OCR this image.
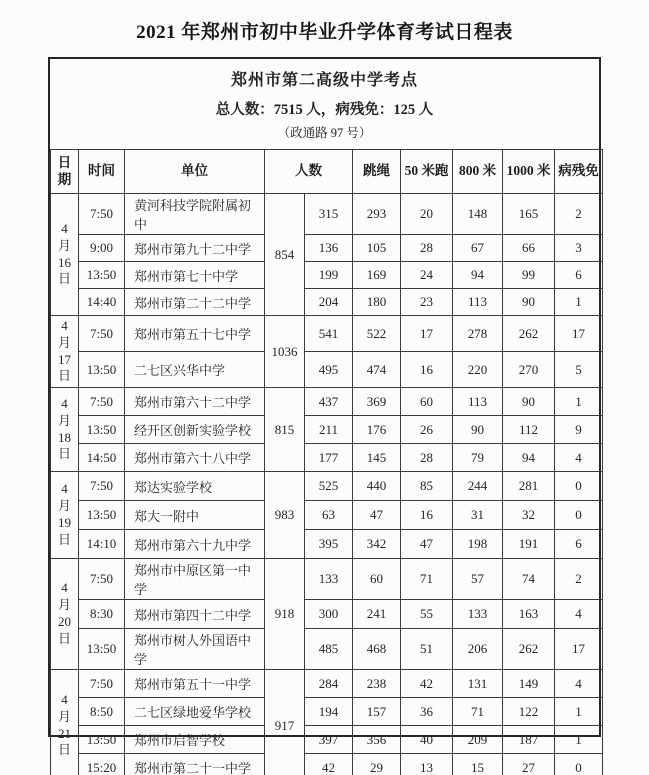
2021 年郑州市初中毕业升学体育考试日程表
郑州市第二高级中学考点
总人数：7515 人，病残免：125 人
（政通路 97 号）
日
期	时间	单位	人数		跳绳	50 米跑	800 米	1000 米	病残免

4
月
16
日	7:50	黄河科技学院附属初中	854	315	293	20	148	165	2
	9:00	郑州市第九十二中学		136	105	28	67	66	3
	13:50	郑州市第七十中学		199	169	24	94	99	6
	14:40	郑州市第二十二中学		204	180	23	113	90	1

4
月
17
日	7:50	郑州市第五十七中学	1036	541	522	17	278	262	17
	13:50	二七区兴华中学		495	474	16	220	270	5

4
月
18
日	7:50	郑州市第六十二中学	815	437	369	60	113	90	1
	13:50	经开区创新实验学校		211	176	26	90	112	9
	14:50	郑州市第六十八中学		177	145	28	79	94	4

4
月
19
日	7:50	郑达实验学校	983	525	440	85	244	281	0
	13:50	郑大一附中		63	47	16	31	32	0
	14:10	郑州市第六十九中学		395	342	47	198	191	6

4
月
20
日	7:50	郑州市中原区第一中学	918	133	60	71	57	74	2
	8:30	郑州市第四十二中学		300	241	55	133	163	4
	13:50	郑州市树人外国语中学		485	468	51	206	262	17

4
月
21
日	7:50	郑州市第五十一中学	917	284	238	42	131	149	4
	8:50	二七区绿地爱华学校		194	157	36	71	122	1
	13:50	郑州市启智学校		397	356	40	209	187	1
	15:20	郑州市第二十一中学		42	29	13	15	27	0
